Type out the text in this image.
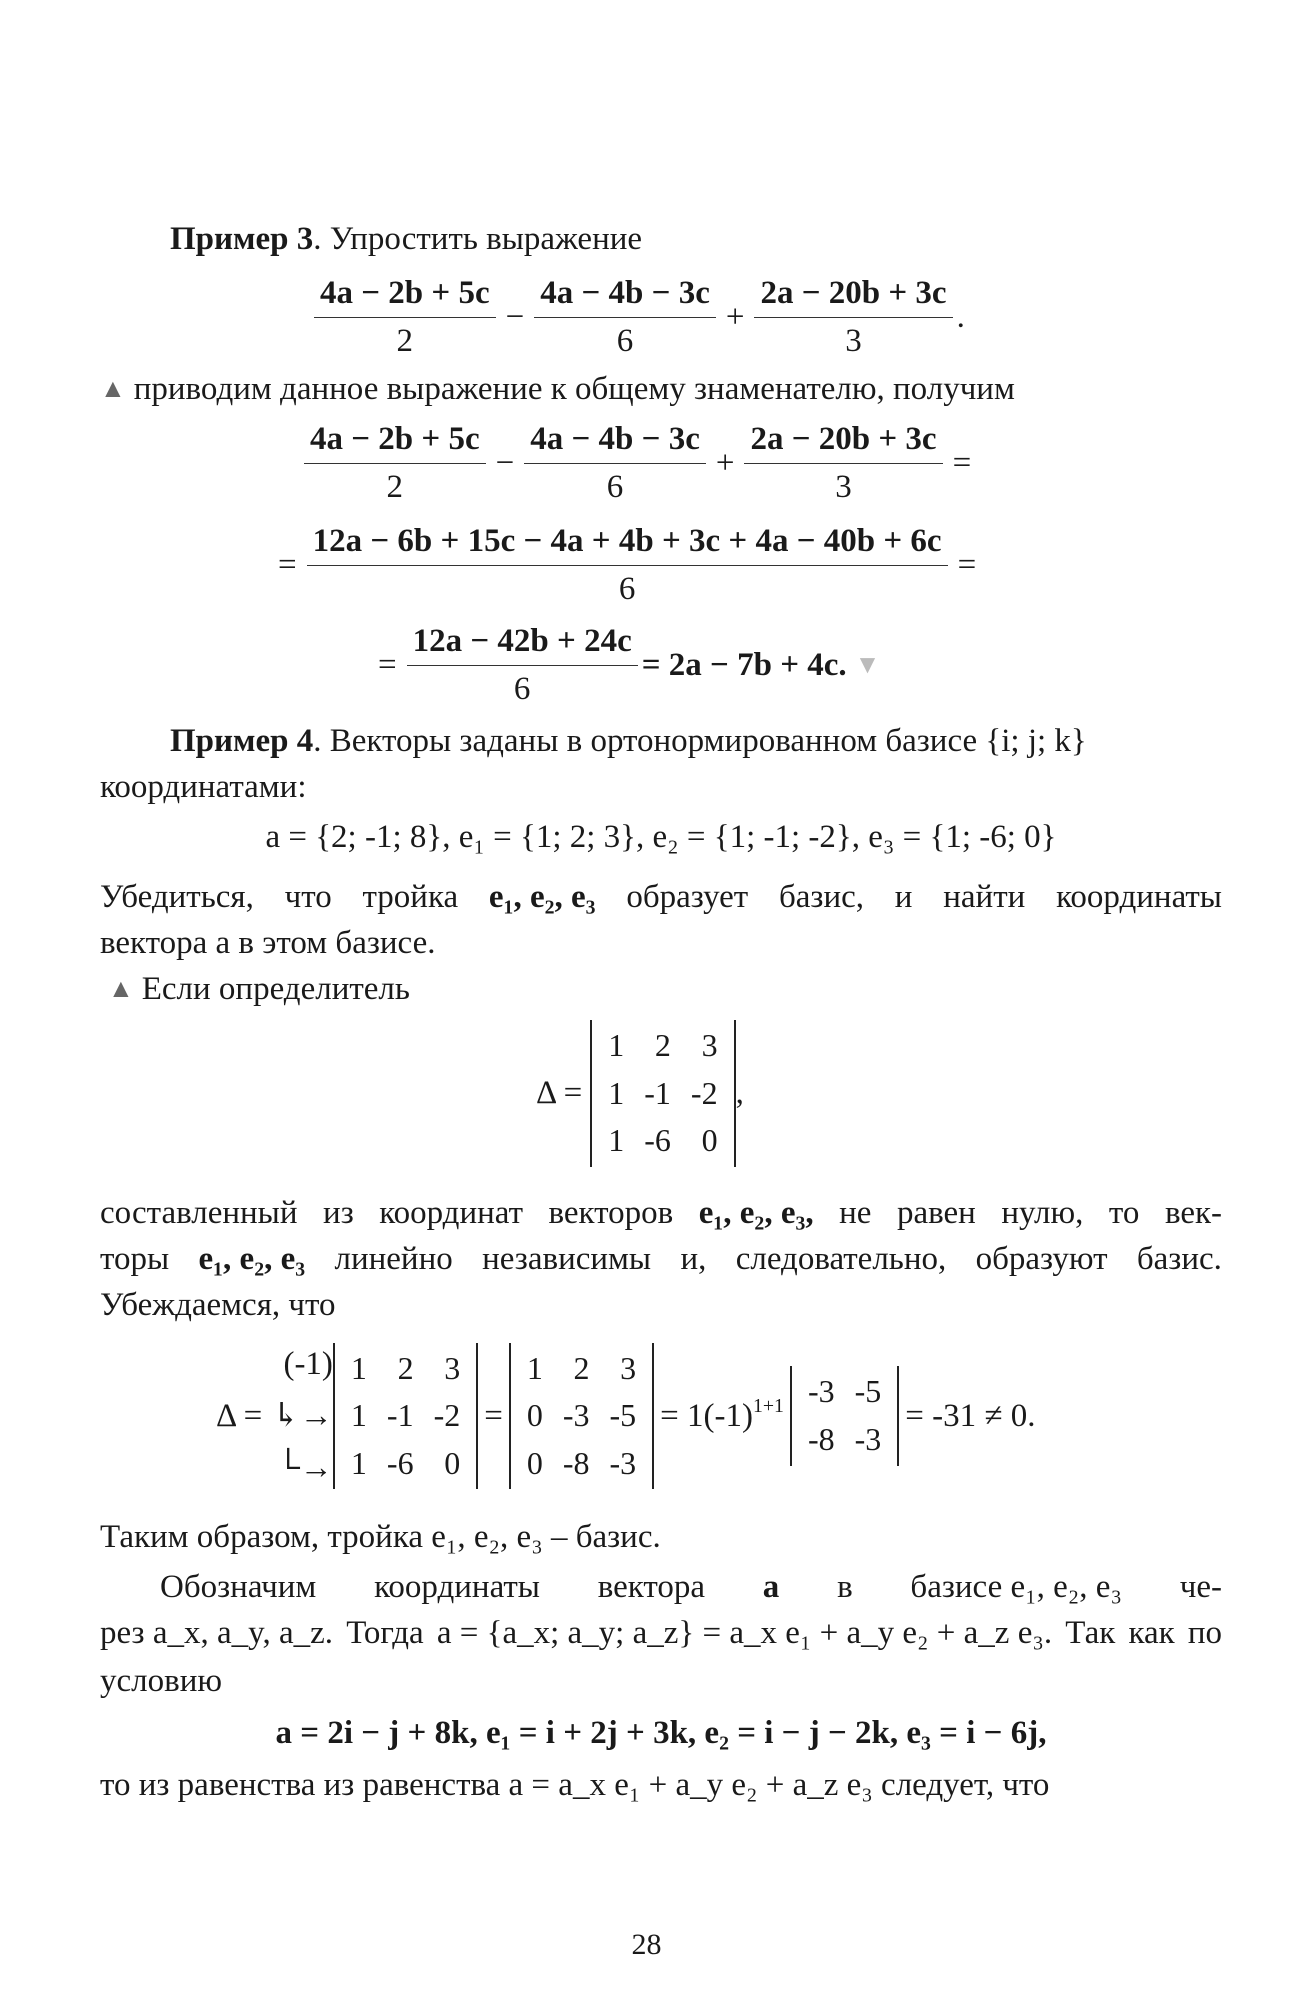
Пример 3. Упростить выражение

$\frac{4a - 2b + 5c}{2} - \frac{4a - 4b - 3c}{6} + \frac{2a - 20b + 3c}{3}$ .

▲ приводим данное выражение к общему знаменателю, получим

$\frac{4a - 2b + 5c}{2} - \frac{4a - 4b - 3c}{6} + \frac{2a - 20b + 3c}{3}$ =
= $\frac{12a - 6b + 15c - 4a + 4b + 3c + 4a - 40b + 6c}{6}$ =
= $\frac{12a - 42b + 24c}{6} = 2a - 7b + 4c$. ▼

Пример 4. Векторы заданы в ортонормированном базисе {i; j; k}

координатами:

a = {2; -1; 8}, e₁ = {1; 2; 3}, e₂ = {1; -1; -2}, e₃ = {1; -6; 0}

Убедиться, что тройка e₁, e₂, e₃ образует базис, и найти координаты

вектора a в этом базисе.

▲ Если определитель

Δ =
1	2	3
1	-1	-2
1	-6	0
,
составленный из координат векторов e₁, e₂, e₃, не равен нулю, то век-
торы e₁, e₂, e₃ линейно независимы и, следовательно, образуют базис.

Убеждаемся, что

Δ =
(-1)
↳→
└→
1	2	3
1	-1	-2
1	-6	0
=
1	2	3
0	-3	-5
0	-8	-3
= $1(-1)^{1+1}$ -3	-5
-8	-3
= -31 ≠ 0.

Таким образом, тройка e₁, e₂, e₃ – базис.

Обозначим координаты вектора a в базисе e₁, e₂, e₃ че-
рез a_x, a_y, a_z. Тогда a = {a_x; a_y; a_z} = a_x e₁ + a_y e₂ + a_z e₃. Так как по

условию

a = 2i − j + 8k, e₁ = i + 2j + 3k, e₂ = i − j − 2k, e₃ = i − 6j,

то из равенства из равенства a = a_x e₁ + a_y e₂ + a_z e₃ следует, что

28
